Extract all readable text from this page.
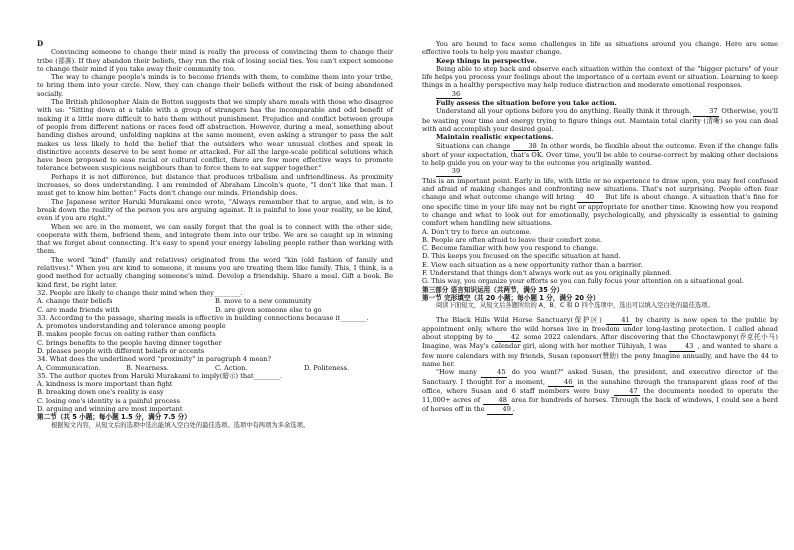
D

Convincing someone to change their mind is really the process of convincing them to change their tribe (部落). If they abandon their beliefs, they run the risk of losing social ties. You can't expect someone to change their mind if you take away their community too.

The way to change people's minds is to become friends with them, to combine them into your tribe, to bring them into your circle. Now, they can change their beliefs without the risk of being abandoned socially.

The British philosopher Alain de Botton suggests that we simply share meals with those who disagree with us: "Sitting down at a table with a group of strangers has the incomparable and odd benefit of making it a little more difficult to hate them without punishment. Prejudice and conflict between groups of people from different nations or races feed off abstraction. However, during a meal, something about handing dishes around, unfolding napkins at the same moment, even asking a stranger to pass the salt makes us less likely to hold the belief that the outsiders who wear unusual clothes and speak in distinctive accents deserve to be sent home or attacked. For all the large-scale political solutions which have been proposed to ease racial or cultural conflict, there are few more effective ways to promote tolerance between suspicious neighbours than to force them to eat supper together."

Perhaps it is not difference, but distance that produces tribalism and unfriendliness. As proximity increases, so does understanding. I am reminded of Abraham Lincoln's quote, "I don't like that man. I must get to know him better." Facts don't change our minds. Friendship does.

The Japanese writer Haruki Murakami once wrote, "Always remember that to argue, and win, is to break down the reality of the person you are arguing against. It is painful to lose your reality, so be kind, even if you are right."

When we are in the moment, we can easily forget that the goal is to connect with the other side, cooperate with them, befriend them, and integrate them into our tribe. We are so caught up in winning that we forget about connecting. It's easy to spend your energy labeling people rather than working with them.

The word "kind" (family and relatives) originated from the word "kin (old fashion of family and relatives)." When you are kind to someone, it means you are treating them like family. This, I think, is a good method for actually changing someone's mind. Develop a friendship. Share a meal. Gift a book. Be kind first, be right later.

32. People are likely to change their mind when they________.

A. change their beliefs	B. move to a new community
C. are made friends with	D. are given someone else to go

33. According to the passage, sharing meals is effective in building connections because it________.

A. promotes understanding and tolerance among people

B. makes people focus on eating rather than conflicts

C. brings benefits to the people having dinner together

D. pleases people with different beliefs or accents

34. What does the underlined word "proximity" in paragraph 4 mean?

A. Communication.	B. Nearness.	C. Action.	D. Politeness.

35. The author quotes from Haruki Murakami to imply(暗示) that________.

A. kindness is more important than fight

B. breaking down one's reality is easy

C. losing one's identity is a painful process

D. arguing and winning are most important

第二节（共 5 小题；每小题 1.5 分，满分 7.5 分）

根据短文内容，从短文后的选项中选出能填入空白处的最佳选项。选项中有两项为多余选项。

You are bound to face some challenges in life as situations around you change. Here are some effective tools to help you master change.

Keep things in perspective.

Being able to step back and observe each situation within the context of the "bigger picture" of your life helps you process your feelings about the importance of a certain event or situation. Learning to keep things in a healthy perspective may help reduce distraction and moderate emotional responses.

36

Fully assess the situation before you take action.

Understand all your options before you do anything. Really think it through. 37 Otherwise, you'll be wasting your time and energy trying to figure things out. Maintain total clarity (清晰) so you can deal with and accomplish your desired goal.

Maintain realistic expectations.

Situations can change 38 In other words, be flexible about the outcome. Even if the change falls short of your expectation, that's OK. Over time, you'll be able to course-correct by making other decisions to help guide you on your way to the outcome you originally wanted.

39

This is an important point. Early in life, with little or no experience to draw upon, you may feel confused and afraid of making changes and confronting new situations. That's not surprising. People often fear change and what outcome change will bring 40 But life is about change. A situation that's fine for one specific time in your life may not be right or appropriate for another time. Knowing how you respond to change and what to look out for emotionally, psychologically, and physically is essential to gaining comfort when handling new situations.

A. Don't try to force an outcome.

B. People are often afraid to leave their comfort zone.

C. Become familiar with how you respond to change.

D. This keeps you focused on the specific situation at hand.

E. View each situation as a new opportunity rather than a barrier.

F. Understand that things don't always work out as you originally planned.

G. This way, you organize your efforts so you can fully focus your attention on a situational goal.

第三部分 语言知识运用（共两节，满分 35 分）

第一节 完形填空（共 20 小题；每小题 1 分，满分 20 分）

阅读下面短文，从短文后各题所给的 A、B、C 和 D 四个选项中，选出可以填入空白处的最佳选项。

The Black Hills Wild Horse Sanctuary(保护区) 41 by charity is now open to the public by appointment only, where the wild horses live in freedom under long-lasting protection. I called ahead about stopping by to 42 some 2022 calendars. After discovering that the Choctawpony(乔克托小马) Imagine, was May's calendar girl, along with her mother Tühiyah, I was 43 , and wanted to share a few more calendars with my friends, Susan (sponsor(赞助) the pony Imagine annually, and have the 44 to name her.

"How many 45 do you want?" asked Susan, the president, and executive director of the Sanctuary. I thought for a moment, 46 in the sunshine through the transparent glass roof of the office, where Susan and 6 staff members were busy 47 the documents needed to operate the 11,000+ acres of 48 area for hundreds of horses. Through the back of windows, I could see a herd of horses off in the 49 .
